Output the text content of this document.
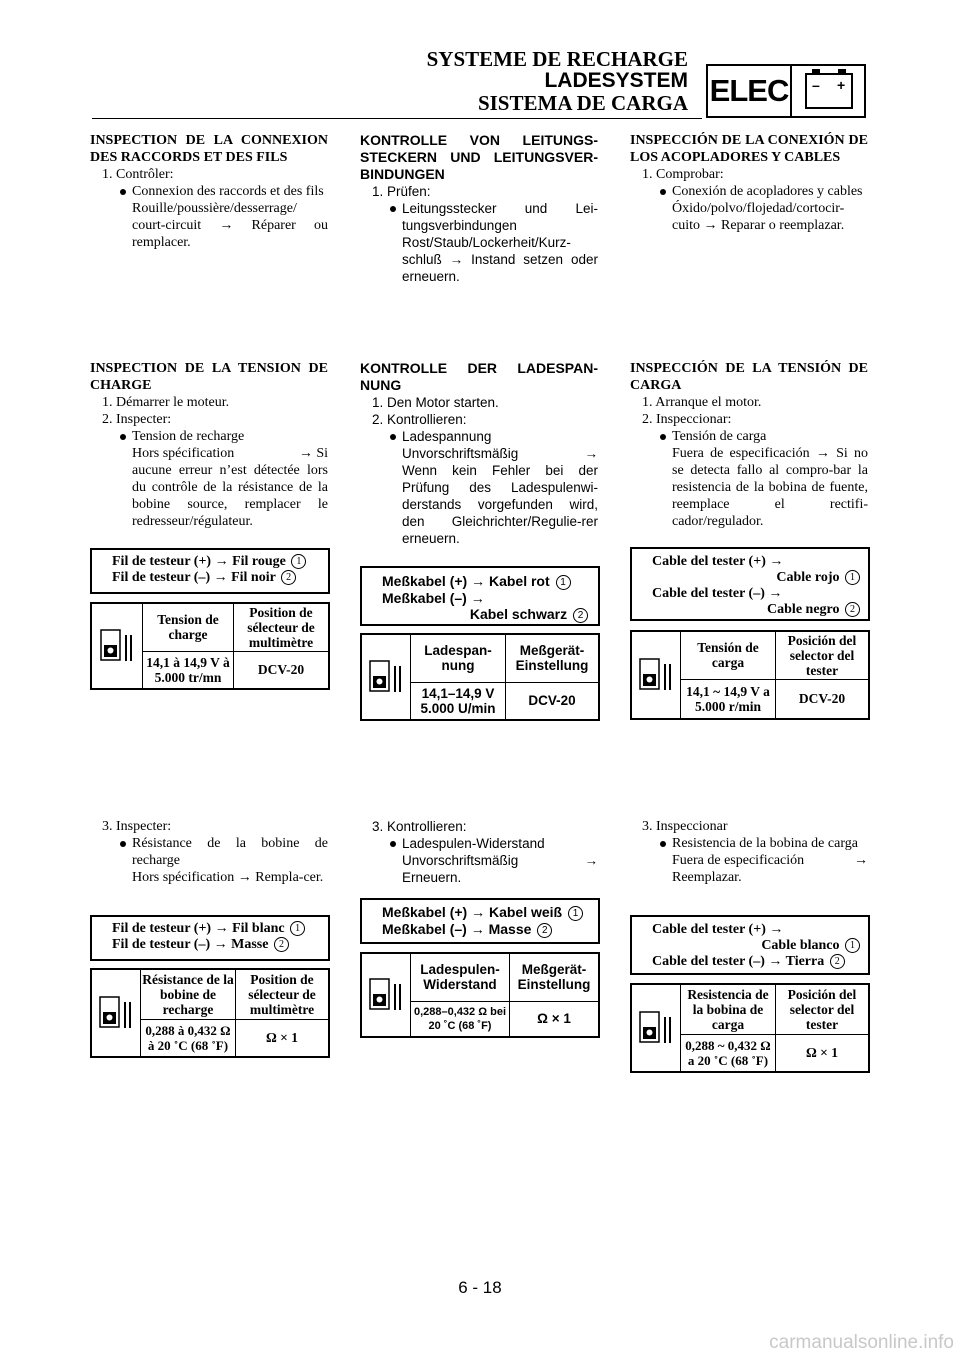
SYSTEME DE RECHARGE
LADESYSTEM
SISTEMA DE CARGA ELEC – +
INSPECTION DE LA CONNEXION DES RACCORDS ET DES FILS
1. Contrôler:
Connexion des raccords et des fils
Rouille/poussière/desserrage/ court-circuit → Réparer ou remplacer.
KONTROLLE VON LEITUNGS-STECKERN UND LEITUNGSVER-BINDUNGEN
1. Prüfen:
Leitungsstecker und Lei-tungsverbindungen
Rost/Staub/Lockerheit/Kurz-schluß → Instand setzen oder erneuern.
INSPECCIÓN DE LA CONEXIÓN DE LOS ACOPLADORES Y CABLES
1. Comprobar:
Conexión de acopladores y cables
Óxido/polvo/flojedad/cortocir-cuito → Reparar o reemplazar.
INSPECTION DE LA TENSION DE CHARGE
1. Démarrer le moteur.
2. Inspecter:
Tension de recharge
Hors spécification	→ Si
aucune erreur n’est détectée lors du contrôle de la résistance de la bobine source, remplacer le redresseur/régulateur.
Fil de testeur (+) → Fil rouge 1
Fil de testeur (–) → Fil noir 2
	Tension de charge	Position de sélecteur de multimètre
	14,1 à 14,9 V à 5.000 tr/mn	DCV-20
KONTROLLE DER LADESPAN-NUNG
1. Den Motor starten.
2. Kontrollieren:
Ladespannung
Unvorschriftsmäßig	→
Wenn kein Fehler bei der Prüfung des Ladespulenwi-derstands vorgefunden wird, den Gleichrichter/Regulie-rer erneuern.
Meßkabel (+) → Kabel rot 1
Meßkabel (–) →
Kabel schwarz 2
	Ladespan-nung	Meßgerät-Einstellung
	14,1–14,9 V 5.000 U/min	DCV-20
INSPECCIÓN DE LA TENSIÓN DE CARGA
1. Arranque el motor.
2. Inspeccionar:
Tensión de carga
Fuera de especificación → Si no se detecta fallo al compro-bar la resistencia de la bobina de fuente, reemplace el rectifi-cador/regulador.
Cable del tester (+) →
Cable rojo 1
Cable del tester (–) →
Cable negro 2
	Tensión de carga	Posición del selector del tester
	14,1 ~ 14,9 V a 5.000 r/min	DCV-20
3. Inspecter:
Résistance de la bobine de recharge
Hors spécification → Rempla-cer.
Fil de testeur (+) → Fil blanc 1
Fil de testeur (–) → Masse 2
	Résistance de la bobine de recharge	Position de sélecteur de multimètre
	0,288 à 0,432 Ω à 20 ˚C (68 ˚F)	Ω × 1
3. Kontrollieren:
Ladespulen-Widerstand
Unvorschriftsmäßig	→
Erneuern.
Meßkabel (+) → Kabel weiß 1
Meßkabel (–) → Masse 2
	Ladespulen-Widerstand	Meßgerät-Einstellung
	0,288–0,432 Ω bei 20 ˚C (68 ˚F)	Ω × 1
3. Inspeccionar
Resistencia de la bobina de carga
Fuera de especificación	→
Reemplazar.
Cable del tester (+) →
Cable blanco 1
Cable del tester (–) → Tierra 2
	Resistencia de la bobina de carga	Posición del selector del tester
	0,288 ~ 0,432 Ω a 20 ˚C (68 ˚F)	Ω × 1
6 - 18
carmanualsonline.info
